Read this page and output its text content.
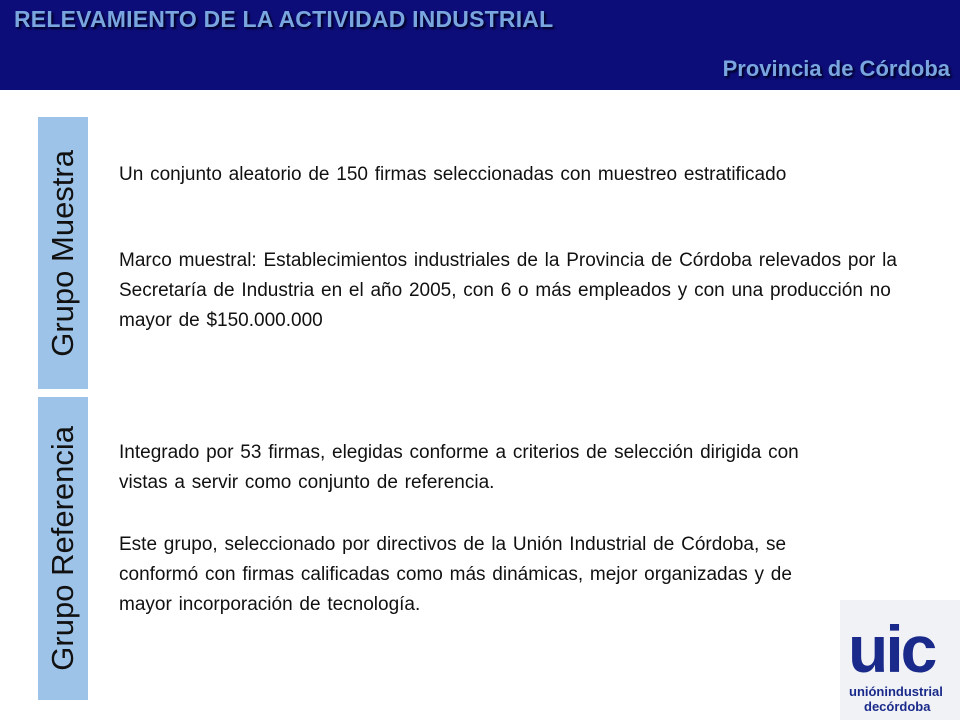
RELEVAMIENTO DE LA ACTIVIDAD INDUSTRIAL
Provincia de Córdoba
Grupo Muestra
Grupo Referencia

Un conjunto aleatorio de 150 firmas seleccionadas con muestreo estratificado

Marco muestral: Establecimientos industriales de la Provincia de Córdoba relevados por la Secretaría de Industria en el año 2005, con 6 o más empleados y con una producción no mayor de $150.000.000

Integrado por 53 firmas, elegidas conforme a criterios de selección dirigida con vistas a servir como conjunto de referencia.

Este grupo, seleccionado por directivos de la Unión Industrial de Córdoba, se conformó con firmas calificadas como más dinámicas, mejor organizadas y de mayor incorporación de tecnología.

uic
uniónindustrial
decórdoba
